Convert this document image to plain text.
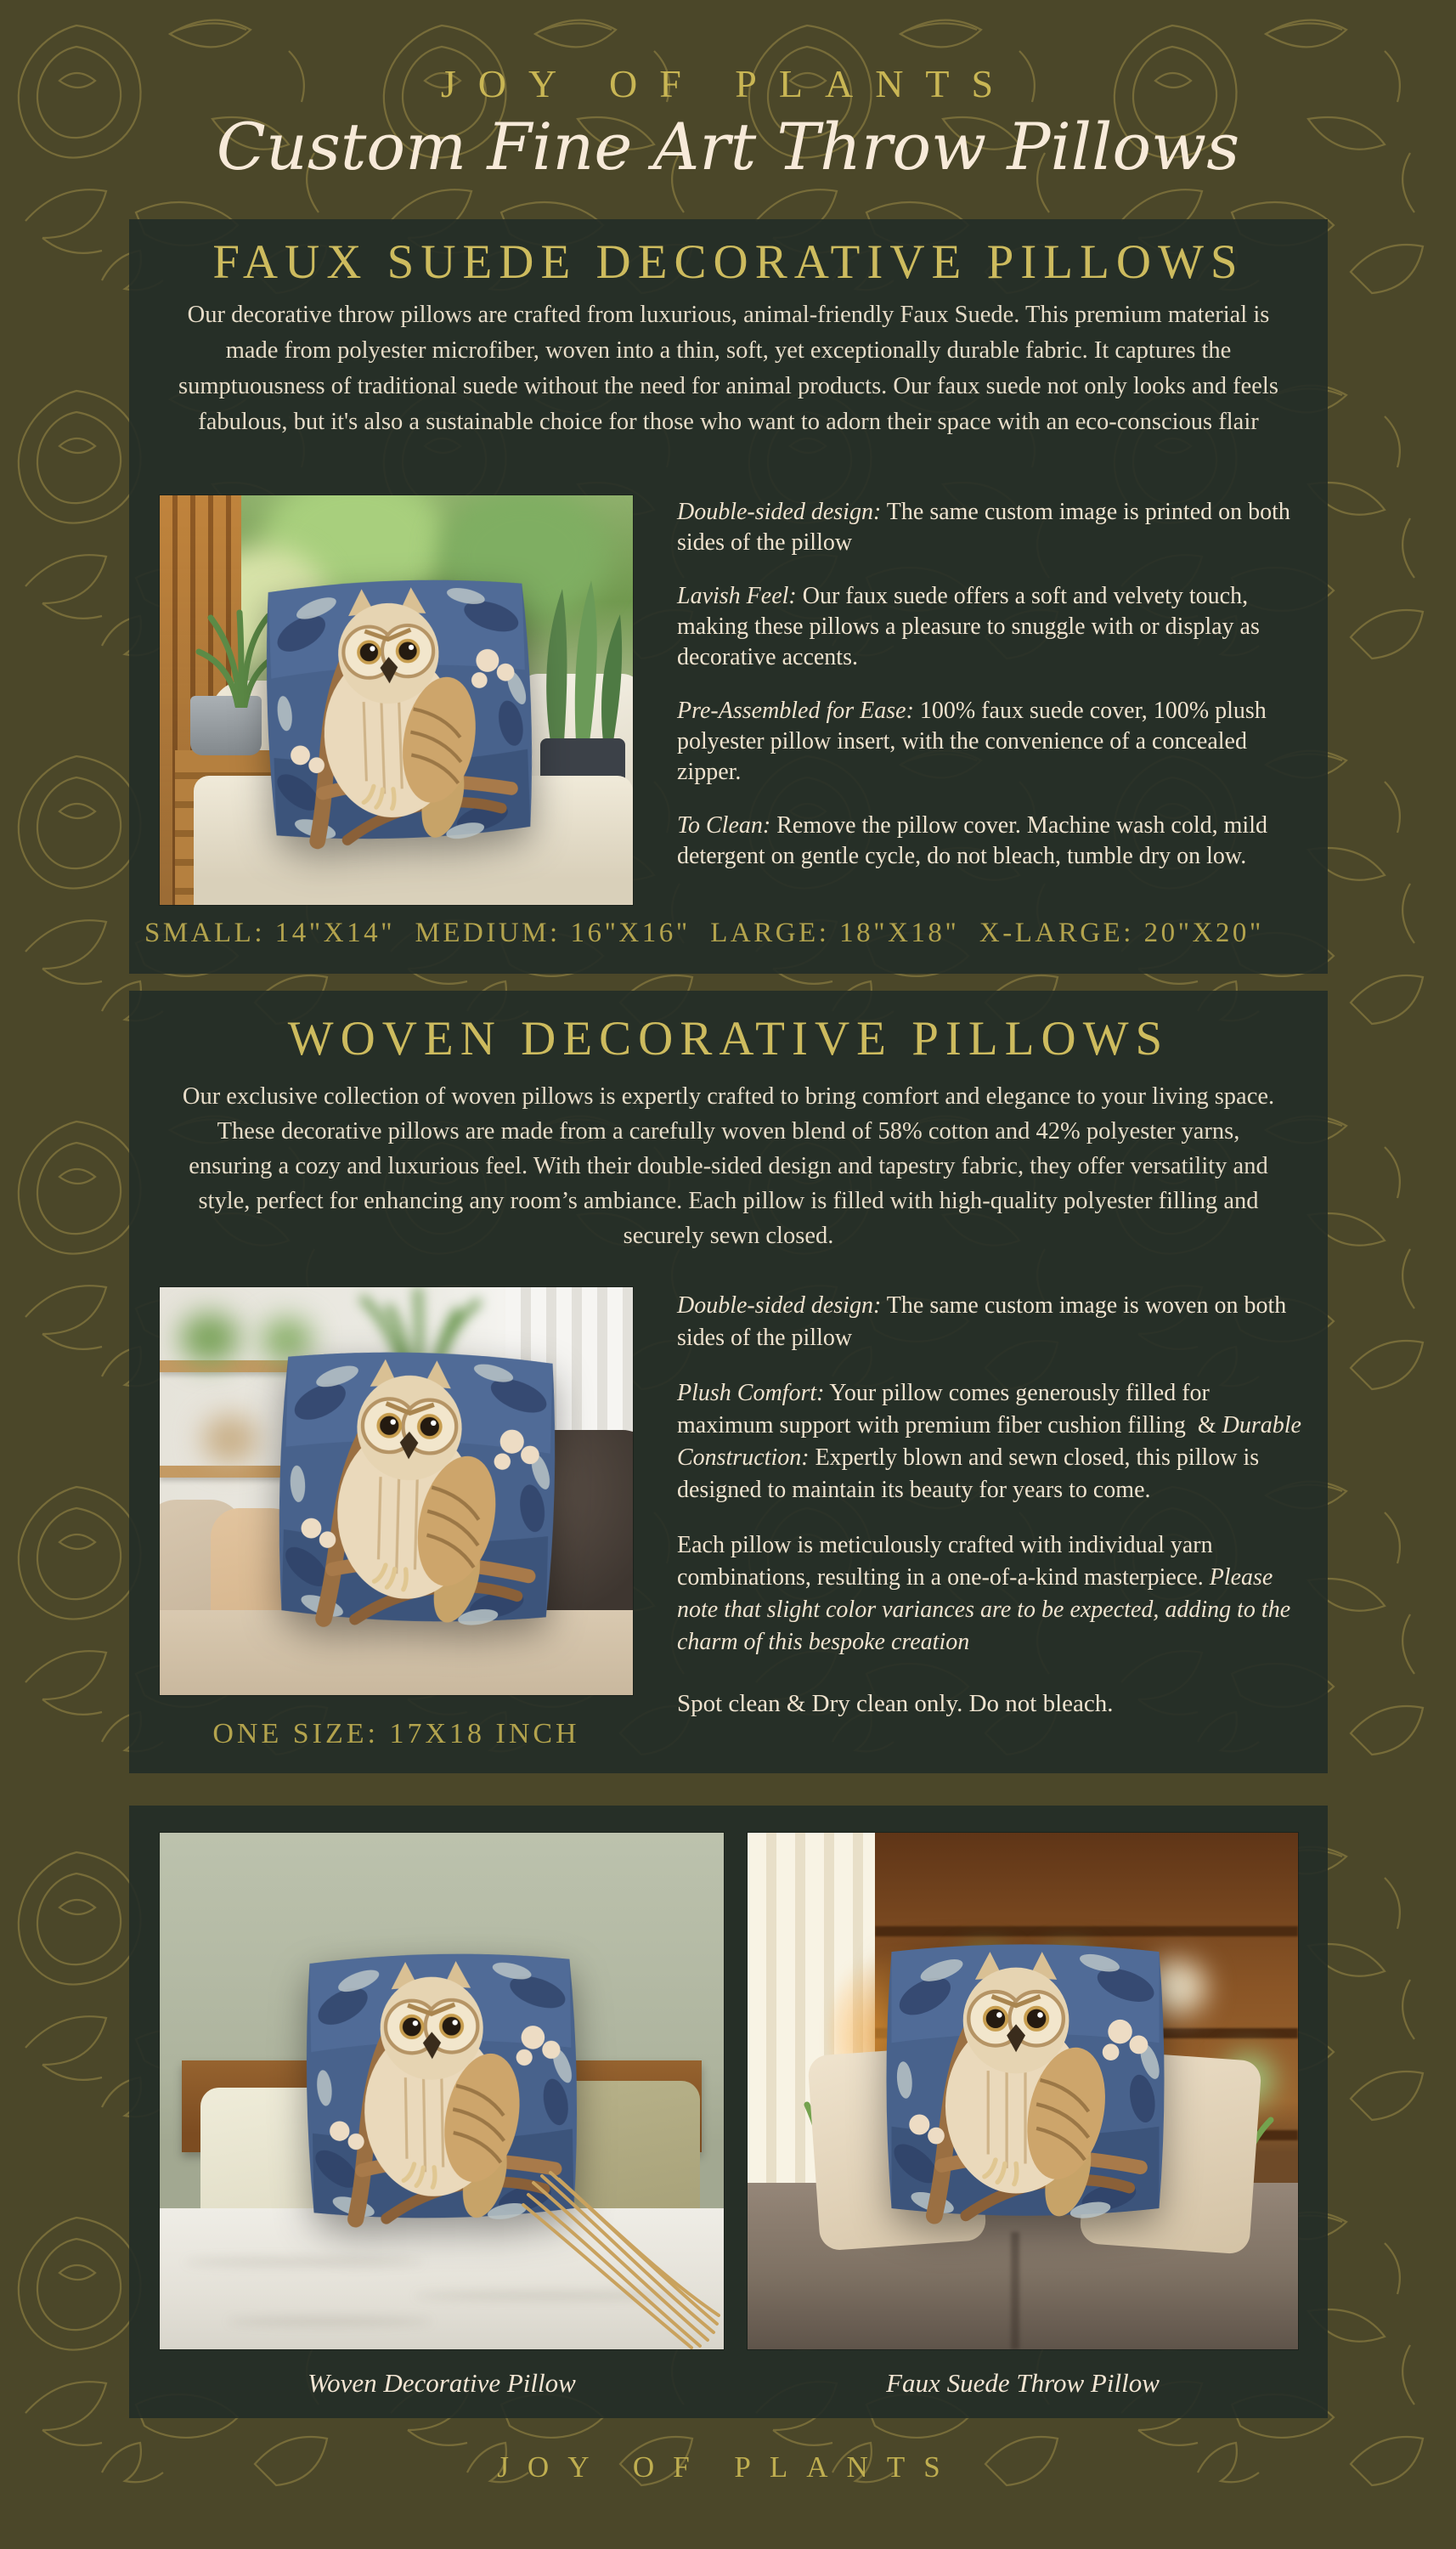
JOY OF PLANTS
Custom Fine Art Throw Pillows
FAUX SUEDE DECORATIVE PILLOWS
Our decorative throw pillows are crafted from luxurious, animal-friendly Faux Suede. This premium material is made from polyester microfiber, woven into a thin, soft, yet exceptionally durable fabric. It captures the sumptuousness of traditional suede without the need for animal products. Our faux suede not only looks and feels fabulous, but it's also a sustainable choice for those who want to adorn their space with an eco-conscious flair

Double-sided design: The same custom image is printed on both sides of the pillow

Lavish Feel: Our faux suede offers a soft and velvety touch, making these pillows a pleasure to snuggle with or display as decorative accents.

Pre-Assembled for Ease: 100% faux suede cover, 100% plush polyester pillow insert, with the convenience of a concealed zipper.

To Clean: Remove the pillow cover. Machine wash cold, mild detergent on gentle cycle, do not bleach, tumble dry on low.

SMALL: 14"X14"  MEDIUM: 16"X16"  LARGE: 18"X18"  X-LARGE: 20"X20"
WOVEN DECORATIVE PILLOWS
Our exclusive collection of woven pillows is expertly crafted to bring comfort and elegance to your living space. These decorative pillows are made from a carefully woven blend of 58% cotton and 42% polyester yarns, ensuring a cozy and luxurious feel. With their double-sided design and tapestry fabric, they offer versatility and style, perfect for enhancing any room’s ambiance. Each pillow is filled with high-quality polyester filling and securely sewn closed.

Double-sided design: The same custom image is woven on both sides of the pillow

Plush Comfort: Your pillow comes generously filled for maximum support with premium fiber cushion filling  & Durable Construction: Expertly blown and sewn closed, this pillow is designed to maintain its beauty for years to come.

Each pillow is meticulously crafted with individual yarn combinations, resulting in a one-of-a-kind masterpiece. Please note that slight color variances are to be expected, adding to the charm of this bespoke creation

Spot clean & Dry clean only. Do not bleach.

ONE SIZE: 17X18 INCH
Woven Decorative Pillow	Faux Suede Throw Pillow
JOY OF PLANTS
